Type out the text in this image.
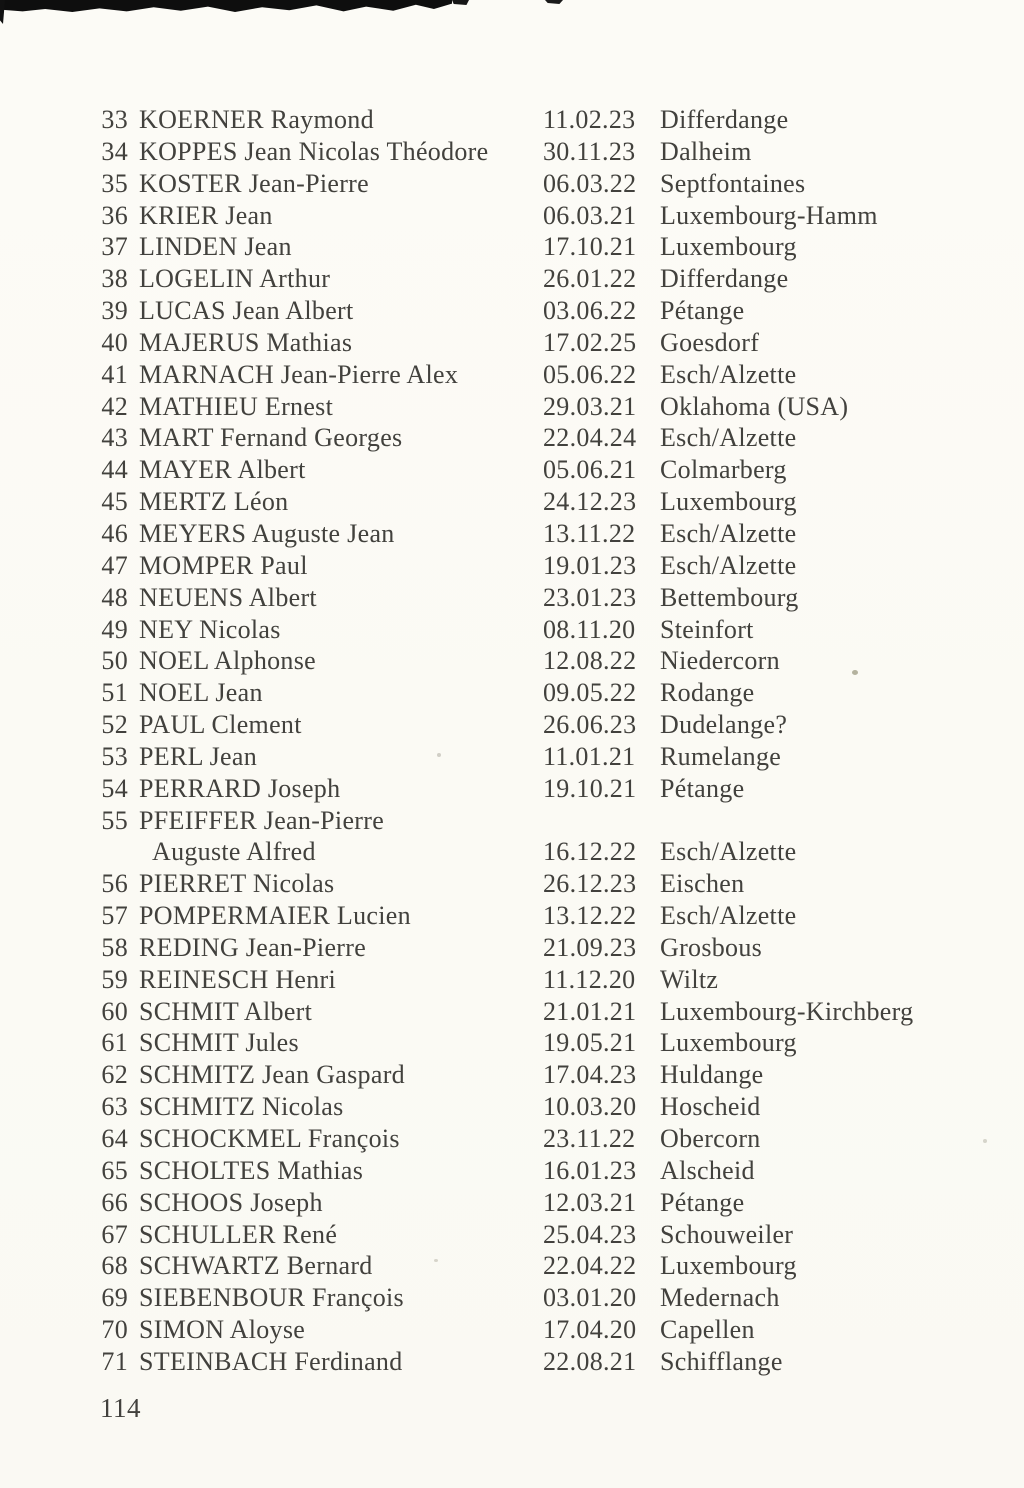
33 KOERNER Raymond	11.02.23 Differdange
34 KOPPES Jean Nicolas Théodore	30.11.23 Dalheim
35 KOSTER Jean-Pierre	06.03.22 Septfontaines
36 KRIER Jean	06.03.21 Luxembourg-Hamm
37 LINDEN Jean	17.10.21 Luxembourg
38 LOGELIN Arthur	26.01.22 Differdange
39 LUCAS Jean Albert	03.06.22 Pétange
40 MAJERUS Mathias	17.02.25 Goesdorf
41 MARNACH Jean-Pierre Alex	05.06.22 Esch/Alzette
42 MATHIEU Ernest	29.03.21 Oklahoma (USA)
43 MART Fernand Georges	22.04.24 Esch/Alzette
44 MAYER Albert	05.06.21 Colmarberg
45 MERTZ Léon	24.12.23 Luxembourg
46 MEYERS Auguste Jean	13.11.22 Esch/Alzette
47 MOMPER Paul	19.01.23 Esch/Alzette
48 NEUENS Albert	23.01.23 Bettembourg
49 NEY Nicolas	08.11.20 Steinfort
50 NOEL Alphonse	12.08.22 Niedercorn
51 NOEL Jean	09.05.22 Rodange
52 PAUL Clement	26.06.23 Dudelange?
53 PERL Jean	11.01.21 Rumelange
54 PERRARD Joseph	19.10.21 Pétange
55 PFEIFFER Jean-Pierre
Auguste Alfred	16.12.22 Esch/Alzette
56 PIERRET Nicolas	26.12.23 Eischen
57 POMPERMAIER Lucien	13.12.22 Esch/Alzette
58 REDING Jean-Pierre	21.09.23 Grosbous
59 REINESCH Henri	11.12.20 Wiltz
60 SCHMIT Albert	21.01.21 Luxembourg-Kirchberg
61 SCHMIT Jules	19.05.21 Luxembourg
62 SCHMITZ Jean Gaspard	17.04.23 Huldange
63 SCHMITZ Nicolas	10.03.20 Hoscheid
64 SCHOCKMEL François	23.11.22 Obercorn
65 SCHOLTES Mathias	16.01.23 Alscheid
66 SCHOOS Joseph	12.03.21 Pétange
67 SCHULLER René	25.04.23 Schouweiler
68 SCHWARTZ Bernard	22.04.22 Luxembourg
69 SIEBENBOUR François	03.01.20 Medernach
70 SIMON Aloyse	17.04.20 Capellen
71 STEINBACH Ferdinand	22.08.21 Schifflange
114
